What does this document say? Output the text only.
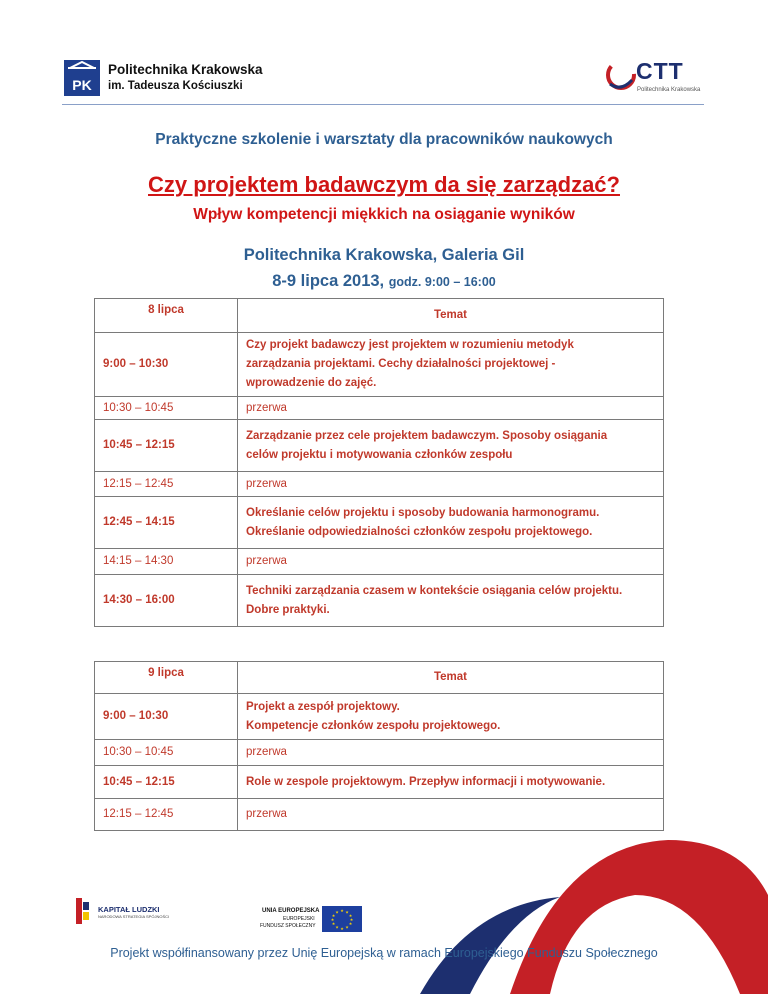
PK
Politechnika Krakowska
im. Tadeusza Kościuszki
CTT
Politechnika Krakowska
Praktyczne szkolenie i warsztaty dla pracowników naukowych
Czy projektem badawczym da się zarządzać?
Wpływ kompetencji miękkich na osiąganie wyników
Politechnika Krakowska, Galeria Gil
8-9 lipca 2013, godz. 9:00 – 16:00
8 lipca	Temat
9:00 – 10:30	Czy projekt badawczy jest projektem w rozumieniu metodyk
zarządzania projektami. Cechy działalności projektowej -
wprowadzenie do zajęć.

10:30 – 10:45	przerwa
10:45 – 12:15	Zarządzanie przez cele projektem badawczym. Sposoby osiągania
celów projektu i motywowania członków zespołu

12:15 – 12:45	przerwa
12:45 – 14:15	Określanie celów projektu i sposoby budowania harmonogramu.
Określanie odpowiedzialności członków zespołu projektowego.

14:15 – 14:30	przerwa
14:30 – 16:00	Techniki zarządzania czasem w kontekście osiągania celów projektu.
Dobre praktyki.
9 lipca	Temat
9:00 – 10:30	Projekt a zespół projektowy.
Kompetencje członków zespołu projektowego.

10:30 – 10:45	przerwa
10:45 – 12:15	Role w zespole projektowym. Przepływ informacji i motywowanie.
12:15 – 12:45	przerwa
KAPITAŁ LUDZKI
NARODOWA STRATEGIA SPÓJNOŚCI
UNIA EUROPEJSKA
EUROPEJSKI
FUNDUSZ SPOŁECZNY
★ ★
★
★
★
★
★
★
★
★
★
★
Projekt współfinansowany przez Unię Europejską w ramach Europejskiego Funduszu Społecznego
